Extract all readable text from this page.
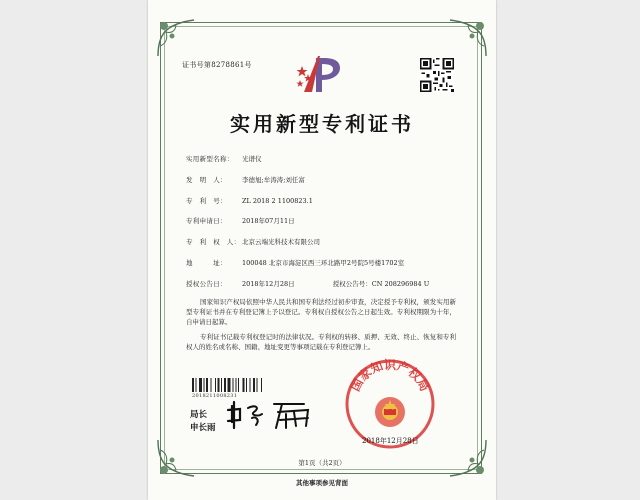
证书号第8278861号
实用新型专利证书
实用新型名称： 光谱仪
发　明　人： 李德旭;牟涛涛;刘任富
专　利　号： ZL 2018 2 1100823.1
专利申请日： 2018年07月11日
专　利　权　人： 北京云端光科技术有限公司
地　　　址： 100048 北京市海淀区西三环北路甲2号院5号楼1702室
授权公告日： 2018年12月28日	授权公告号：CN 208296984 U

国家知识产权局依照中华人民共和国专利法经过初步审查，决定授予专利权，颁发实用新型专利证书并在专利登记簿上予以登记。专利权自授权公告之日起生效。专利权期限为十年，自申请日起算。

专利证书记载专利权登记时的法律状况。专利权的转移、质押、无效、终止、恢复和专利权人的姓名或名称、国籍、地址变更等事项记载在专利登记簿上。

2018211008231
局长
申长雨
国家知识产权局
2018年12月28日
第1页（共2页）
其他事项参见背面
